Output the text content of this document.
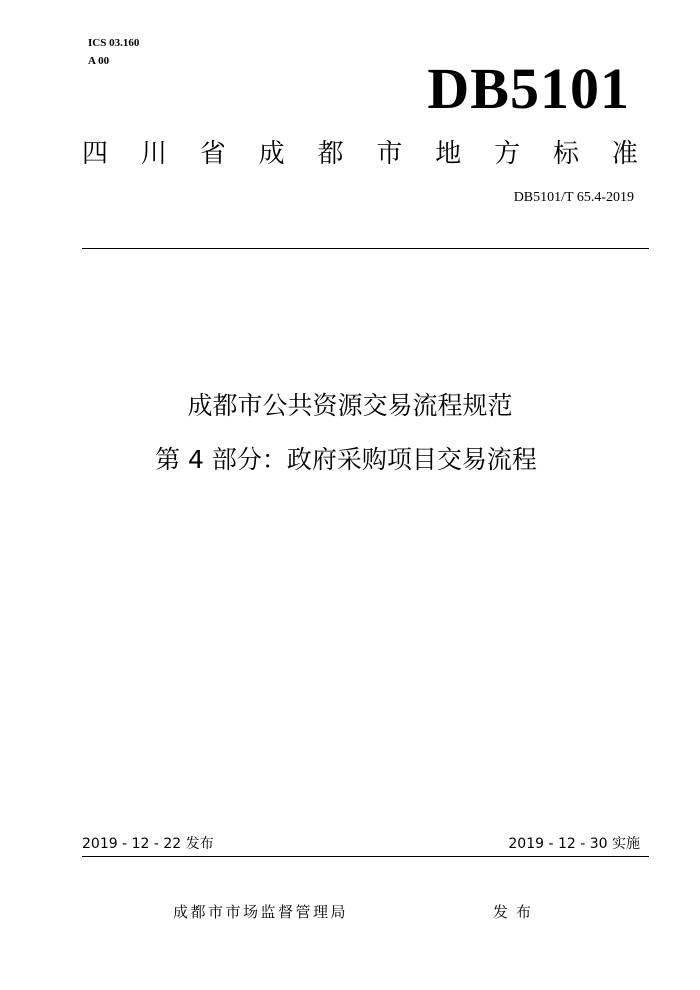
ICS 03.160
A 00	DB5101
四 川 省 成 都 市 地 方 标 准
DB5101/T 65.4-2019
成都市公共资源交易流程规范
第 4 部分：政府采购项目交易流程
2019 - 12 - 22 发布	2019 - 12 - 30 实施
成都市市场监督管理局	发布
